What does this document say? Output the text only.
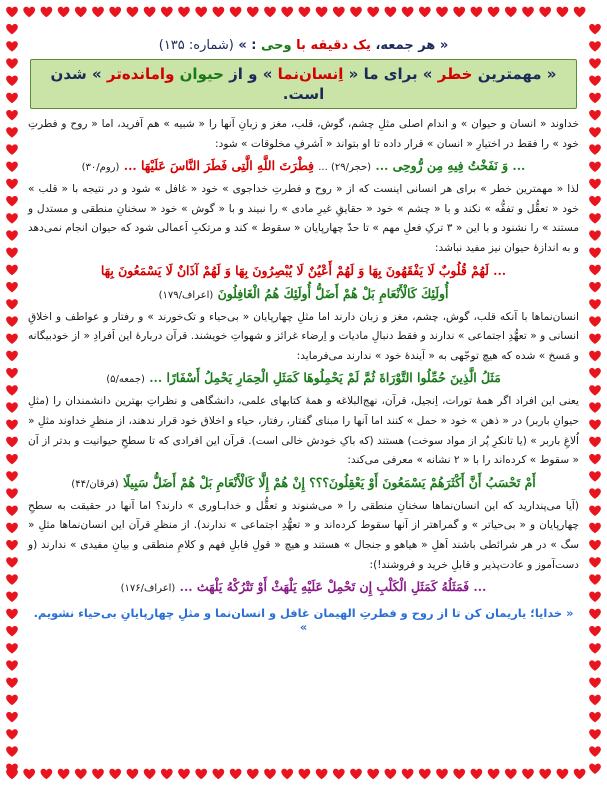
« هر جمعه، یک دقیقه با وحی : » (شماره: ۱۳۵)
« مهمترین خطر » برای ما « اِنسان‌نما » و از حیوان وامانده‌تر » شدن است.

خداوند « انسان و حیوان » و اندام اصلی مثلِ چشم، گوش، قلب، مغز و زبانِ آنها را « شبیه » هم آفرید، اما « روح و فطرتِ خود » را فقط در اختیارِ « انسان » قرار داده تا او بتواند « اَشرفِ مخلوقات » شود:

... وَ نَفَخْتُ فِيهِ مِن رُّوحِى ... (حجر/۲۹) ... فِطْرَتَ اللَّهِ الَّتِى فَطَرَ النَّاسَ عَلَيْهَا ... (روم/۳۰)

لذا « مهمترین خطر » برای هر انسانی اینست که از « روح و فطرتِ خداجوی » خود « غافل » شود و در نتیجه با « قلب » خود « تعقُّل و تفقُّه » نکند و با « چشم » خود « حقایقِ غیرِ مادی » را نبیند و با « گوش » خود « سخنانِ منطقی و مستدل و مستند » را نشنود و با این « ۳ ترکِ فعلِ مهم » تا حدّ چهارپایان « سقوط » کند و مرتکبِ اَعمالی شود که حیوان انجام نمی‌دهد و به اندازۀ حیوان نیز مفید نباشد:

... لَهُمْ قُلُوبٌ لَا يَفْقَهُونَ بِهَا وَ لَهُمْ أَعْيُنٌ لَا يُبْصِرُونَ بِهَا وَ لَهُمْ آذَانٌ لَا يَسْمَعُونَ بِهَا
أُولَئِكَ كَالْأَنْعَامِ بَلْ هُمْ أَضَلُّ أُولَئِكَ هُمُ الْغَافِلُونَ (اعراف/۱۷۹)

انسان‌نماها با آنکه قلب، گوش، چشم، مغز و زبان دارند اما مثلِ چهارپایان « بی‌حیاء و تک‌خورند » و رفتار و عواطف و اخلاقِ انسانی و « تعهُّدِ اجتماعی » ندارند و فقط دنبالِ مادیات و اِرضاء غرائز و شهواتِ خویشند. قرآن دربارۀ این اَفرادِ « از خودبیگانه و مَسخ » شده که هیچ توجّهی به « آیندۀ خود » ندارند می‌فرماید:

مَثَلُ الَّذِينَ حُمِّلُوا التَّوْرَاةَ ثُمَّ لَمْ يَحْمِلُوهَا كَمَثَلِ الْحِمَارِ يَحْمِلُ أَسْفَارًا ... (جمعه/۵)

یعنی این افراد اگر همۀ تورات، اِنجیل، قرآن، نهج‌البلاغه و همۀ کتابهای علمی، دانشگاهی و نظراتِ بهترین دانشمندان را (مثلِ حیوانِ باربر) در « ذهن » خود « حمل » کنند اما آنها را مبنای گفتار، رفتار، حیاء و اخلاق خود قرار ندهند، از منظرِ خداوند مثلِ « اُلاغِ باربر » (یا تانکرِ پُر از مواد سوخت) هستند (که باکِ خودش خالی است). قرآن این افرادی که تا سطحِ حیوانیت و بدتر از آن « سقوط » کرده‌اند را با « ۲ نشانه » معرفی می‌کند:

أَمْ تَحْسَبُ أَنَّ أَكْثَرَهُمْ يَسْمَعُونَ أَوْ يَعْقِلُونَ؟؟؟ إِنْ هُمْ إِلَّا كَالْأَنْعَامِ بَلْ هُمْ أَضَلُّ سَبِيلًا (فرقان/۴۴)

(آیا می‌پندارید که این انسان‌نماها سخنانِ منطقی را « می‌شنوند و تعقُّل و خدابـاوری » دارند؟ اما آنها در حقیقت به سطحِ چهارپایان و « بی‌حیاتر » و گمراهتر از آنها سقوط کرده‌اند و « تعهُّدِ اجتماعی » ندارند). از منظرِ قرآن این انسان‌نماها مثلِ « سگ » در هر شرائطی باشند اَهلِ « هیاهو و جنجال » هستند و هیچ « قولِ قابلِ فهم و کلامِ منطقی و بیانِ مفیدی » ندارند (و دست‌آموز و عادت‌پذیر و قابلِ خرید و فروشند!):

... فَمَثَلُهُ كَمَثَلِ الْكَلْبِ إِن تَحْمِلْ عَلَيْهِ يَلْهَثْ أَوْ تَتْرُكْهُ يَلْهَث ... (اعراف/۱۷۶)
« خدایا؛ یاریمان کن تا از روح و فطرتِ الهیمان غافل و انسان‌نما و مثلِ چهارپایانِ بی‌حیاء نشویم. »
